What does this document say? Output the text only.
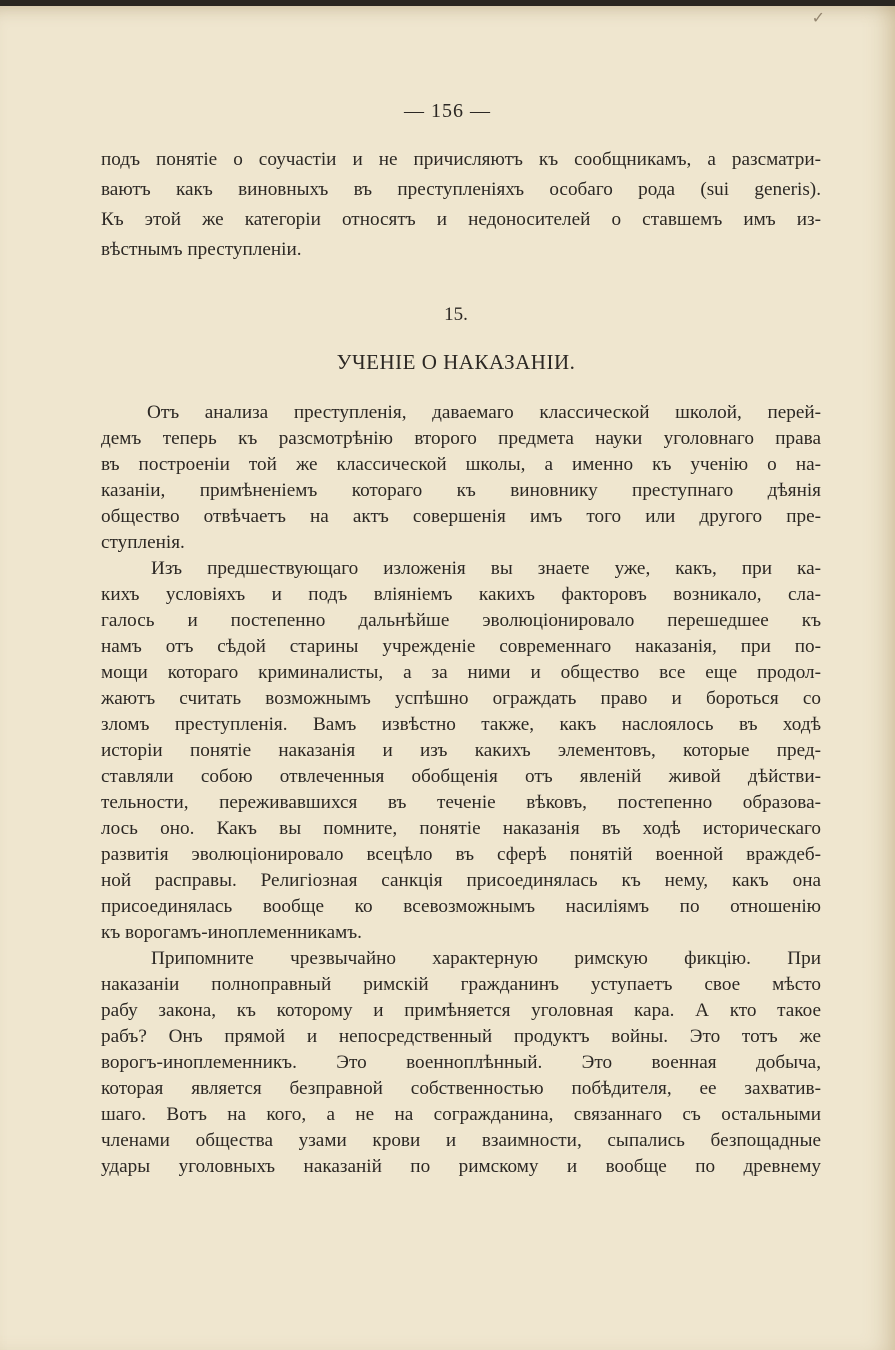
✓
— 156 —
подъ понятіе о соучастіи и не причисляютъ къ сообщникамъ, а разсматри-
ваютъ какъ виновныхъ въ преступленіяхъ особаго рода (sui generis).
Къ этой же категоріи относятъ и недоносителей о ставшемъ имъ из-
вѣстнымъ преступленіи.
15.
УЧЕНІЕ О НАКАЗАНІИ.
Отъ анализа преступленія, даваемаго классической школой, перей-
демъ теперь къ разсмотрѣнію второго предмета науки уголовнаго права
въ построеніи той же классической школы, а именно къ ученію о на-
казаніи, примѣненіемъ котораго къ виновнику преступнаго дѣянія
общество отвѣчаетъ на актъ совершенія имъ того или другого пре-
ступленія.
Изъ предшествующаго изложенія вы знаете уже, какъ, при ка-
кихъ условіяхъ и подъ вліяніемъ какихъ факторовъ возникало, сла-
галось и постепенно дальнѣйше эволюціонировало перешедшее къ
намъ отъ сѣдой старины учрежденіе современнаго наказанія, при по-
мощи котораго криминалисты, а за ними и общество все еще продол-
жаютъ считать возможнымъ успѣшно ограждать право и бороться со
зломъ преступленія. Вамъ извѣстно также, какъ наслоялось въ ходѣ
исторіи понятіе наказанія и изъ какихъ элементовъ, которые пред-
ставляли собою отвлеченныя обобщенія отъ явленій живой дѣйстви-
тельности, переживавшихся въ теченіе вѣковъ, постепенно образова-
лось оно. Какъ вы помните, понятіе наказанія въ ходѣ историческаго
развитія эволюціонировало всецѣло въ сферѣ понятій военной враждеб-
ной расправы. Религіозная санкція присоединялась къ нему, какъ она
присоединялась вообще ко всевозможнымъ насиліямъ по отношенію
къ ворогамъ-иноплеменникамъ.
Припомните чрезвычайно характерную римскую фикцію. При
наказаніи полноправный римскій гражданинъ уступаетъ свое мѣсто
рабу закона, къ которому и примѣняется уголовная кара. А кто такое
рабъ? Онъ прямой и непосредственный продуктъ войны. Это тотъ же
ворогъ-иноплеменникъ. Это военноплѣнный. Это военная добыча,
которая является безправной собственностью побѣдителя, ее захватив-
шаго. Вотъ на кого, а не на согражданина, связаннаго съ остальными
членами общества узами крови и взаимности, сыпались безпощадные
удары уголовныхъ наказаній по римскому и вообще по древнему
